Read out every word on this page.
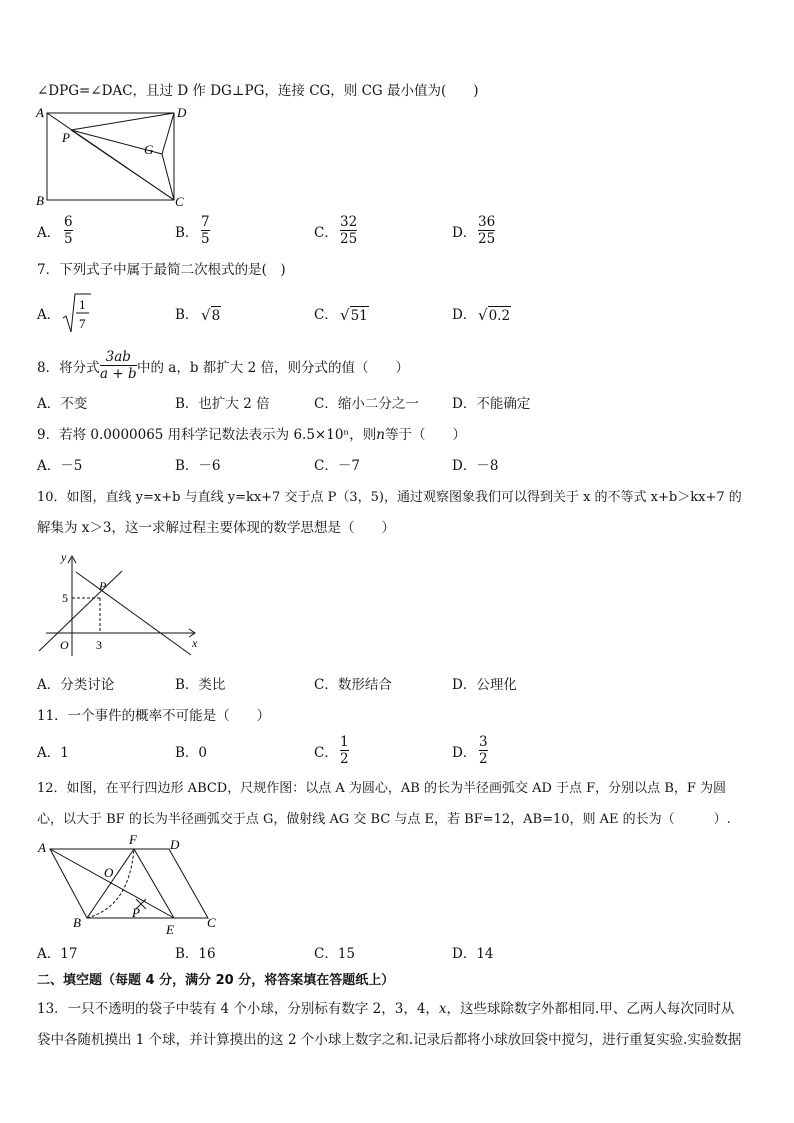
∠DPG=∠DAC，且过 D 作 DG⊥PG，连接 CG，则 CG 最小值为(　　)
A	D
B	C
P
G
A．
6
5	B．
7
5	C．
32
25	D．
36
25
7．下列式子中属于最简二次根式的是(　)
A．
1
7
B． √ 8	C． √ 51	D． √ 0.2
8．将分式
3ab
a + b 中的 a，b 都扩大 2 倍，则分式的值（　　）
A．不变	B．也扩大 2 倍	C．缩小二分之一 D．不能确定
9．若将 0.0000065 用科学记数法表示为 6.5×10ⁿ，则n等于（　　）
A．－5	B．－6	C．－7	D．－8
10．如图，直线 y=x+b 与直线 y=kx+7 交于点 P（3，5)，通过观察图象我们可以得到关于 x 的不等式 x+b＞kx+7 的
解集为 x＞3，这一求解过程主要体现的数学思想是（　　）
y
x
O
P
5
3
A．分类讨论	B．类比	C．数形结合	D．公理化
11．一个事件的概率不可能是（　　）
A．1	B．0	C．
1
2	D．
3
2
12．如图，在平行四边形 ABCD，尺规作图：以点 A 为圆心，AB 的长为半径画弧交 AD 于点 F，分别以点 B，F 为圆
心，以大于 BF 的长为半径画弧交于点 G，做射线 AG 交 BC 与点 E，若 BF=12，AB=10，则 AE 的长为（　　　）.
A
F	D
O
P
B	E	C
A．17	B．16	C．15	D．14
二、填空题（每题 4 分，满分 20 分，将答案填在答题纸上）
13．一只不透明的袋子中装有 4 个小球，分别标有数字 2，3，4，x，这些球除数字外都相同.甲、乙两人每次同时从
袋中各随机摸出 1 个球，并计算摸出的这 2 个小球上数字之和.记录后都将小球放回袋中搅匀，进行重复实验.实验数据
